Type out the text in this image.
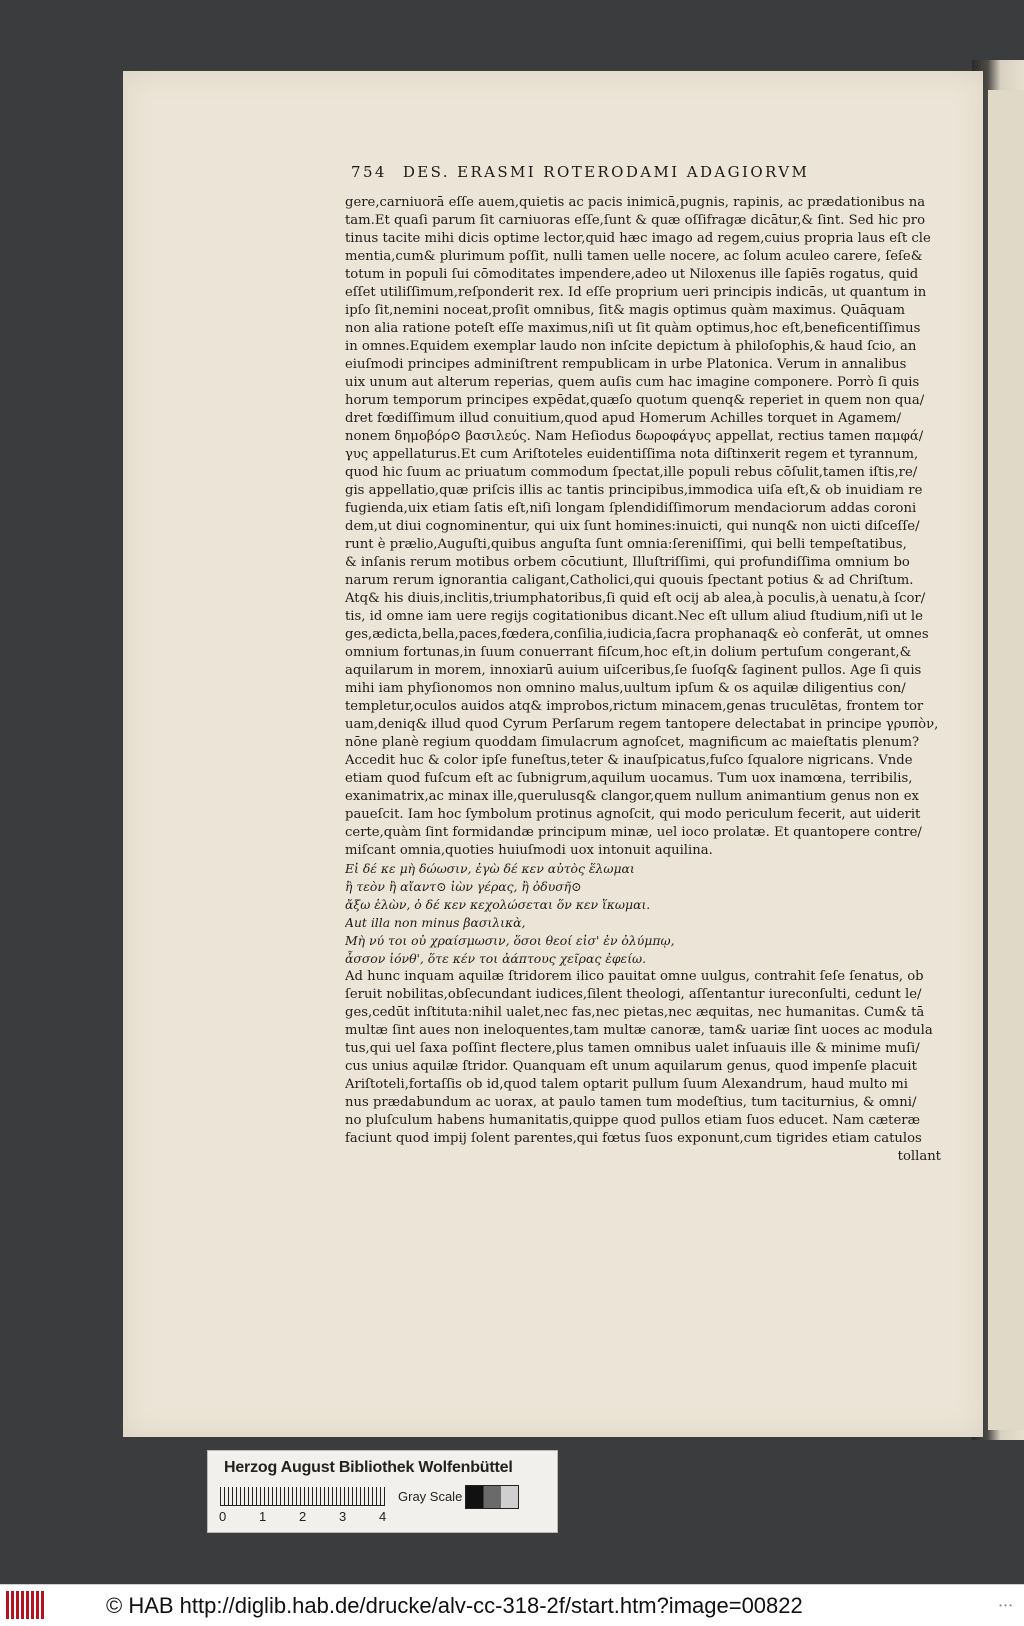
754 DES. ERASMI ROTERODAMI ADAGIORVM
gere,carniuorā eſſe auem,quietis ac pacis inimicā,pugnis, rapinis, ac prædationibus na
tam.Et quaſi parum ſit carniuoras eſſe,ſunt & quæ oſſifragæ dicātur,& ſint. Sed hic pro
tinus tacite mihi dicis optime lector,quid hæc imago ad regem,cuius propria laus eſt cle
mentia,cum& plurimum poſſit, nulli tamen uelle nocere, ac ſolum aculeo carere, ſeſe&
totum in populi ſui cōmoditates impendere,adeo ut Niloxenus ille ſapiēs rogatus, quid
eſſet utiliſſimum,reſponderit rex. Id eſſe proprium ueri principis indicās, ut quantum in
ipſo ſit,nemini noceat,proſit omnibus, ſit& magis optimus quàm maximus. Quāquam
non alia ratione poteſt eſſe maximus,niſi ut ſit quàm optimus,hoc eſt,beneficentiſſimus
in omnes.Equidem exemplar laudo non inſcite depictum à philoſophis,& haud ſcio, an
eiuſmodi principes adminiſtrent rempublicam in urbe Platonica. Verum in annalibus
uix unum aut alterum reperias, quem auſis cum hac imagine componere. Porrò ſi quis
horum temporum principes expēdat,quæſo quotum quenq& reperiet in quem non qua/
dret fœdiſſimum illud conuitium,quod apud Homerum Achilles torquet in Agamem/
nonem δημοβόρ⊙ βασιλεύς. Nam Heſiodus δωροφάγυς appellat, rectius tamen παμφά/
γυς appellaturus.Et cum Ariſtoteles euidentiſſima nota diſtinxerit regem et tyrannum,
quod hic ſuum ac priuatum commodum ſpectat,ille populi rebus cōſulit,tamen iſtis,re/
gis appellatio,quæ priſcis illis ac tantis principibus,immodica uiſa eſt,& ob inuidiam re
fugienda,uix etiam ſatis eſt,niſi longam ſplendidiſſimorum mendaciorum addas coroni
dem,ut diui cognominentur, qui uix ſunt homines:inuicti, qui nunq& non uicti diſceſſe/
runt è prælio,Auguſti,quibus anguſta ſunt omnia:ſereniſſimi, qui belli tempeſtatibus,
& inſanis rerum motibus orbem cōcutiunt, Illuſtriſſimi, qui profundiſſima omnium bo
narum rerum ignorantia caligant,Catholici,qui quouis ſpectant potius & ad Chriſtum.
Atq& his diuis,inclitis,triumphatoribus,ſi quid eſt ocij ab alea,à poculis,à uenatu,à ſcor/
tis, id omne iam uere regijs cogitationibus dicant.Nec eſt ullum aliud ſtudium,niſi ut le
ges,ædicta,bella,paces,fœdera,conſilia,iudicia,ſacra prophanaq& eò conferāt, ut omnes
omnium fortunas,in ſuum conuerrant fiſcum,hoc eſt,in dolium pertuſum congerant,&
aquilarum in morem, innoxiarū auium uiſceribus,ſe ſuoſq& ſaginent pullos. Age ſi quis
mihi iam phyſionomos non omnino malus,uultum ipſum & os aquilæ diligentius con/
templetur,oculos auidos atq& improbos,rictum minacem,genas truculētas, frontem tor
uam,deniq& illud quod Cyrum Perſarum regem tantopere delectabat in principe γρυπὸν,
nōne planè regium quoddam ſimulacrum agnoſcet, magnificum ac maieſtatis plenum?
Accedit huc & color ipſe funeſtus,teter & inauſpicatus,fuſco ſqualore nigricans. Vnde
etiam quod fuſcum eſt ac ſubnigrum,aquilum uocamus. Tum uox inamœna, terribilis,
exanimatrix,ac minax ille,querulusq& clangor,quem nullum animantium genus non ex
paueſcit. Iam hoc ſymbolum protinus agnoſcit, qui modo periculum fecerit, aut uiderit
certe,quàm ſint formidandæ principum minæ, uel ioco prolatæ. Et quantopere contre/
miſcant omnia,quoties huiuſmodi uox intonuit aquilina.
Εἰ δέ κε μὴ δώωσιν, ἐγὼ δέ κεν αὐτὸς ἕλωμαι
ἢ τεὸν ἢ αἴαντ⊙ ἰὼν γέρας, ἢ ὀδυσῆ⊙
ἄξω ἑλὼν, ὁ δέ κεν κεχολώσεται ὅν κεν ἵκωμαι.
Aut illa non minus βασιλικὰ,
Μὴ νύ τοι οὐ χραίσμωσιν, ὅσοι θεοί εἰσ' ἐν ὀλύμπῳ,
ἆσσον ἰόνθ', ὅτε κέν τοι ἀάπτους χεῖρας ἐφείω.
Ad hunc inquam aquilæ ſtridorem ilico pauitat omne uulgus, contrahit ſeſe ſenatus, ob
ſeruit nobilitas,obſecundant iudices,ſilent theologi, aſſentantur iureconſulti, cedunt le/
ges,cedūt inſtituta:nihil ualet,nec fas,nec pietas,nec æquitas, nec humanitas. Cum& tā
multæ ſint aues non ineloquentes,tam multæ canoræ, tam& uariæ ſint uoces ac modula
tus,qui uel ſaxa poſſint flectere,plus tamen omnibus ualet inſuauis ille & minime muſi/
cus unius aquilæ ſtridor. Quanquam eſt unum aquilarum genus, quod impenſe placuit
Ariſtoteli,fortaſſis ob id,quod talem optarit pullum ſuum Alexandrum, haud multo mi
nus prædabundum ac uorax, at paulo tamen tum modeſtius, tum taciturnius, & omni/
no pluſculum habens humanitatis,quippe quod pullos etiam ſuos educet. Nam cæteræ
faciunt quod impij ſolent parentes,qui fœtus ſuos exponunt,cum tigrides etiam catulos
tollant
Herzog August Bibliothek Wolfenbüttel
0	1	2	3	4
Gray Scale
© HAB http://diglib.hab.de/drucke/alv-cc-318-2f/start.htm?image=00822	• • •
